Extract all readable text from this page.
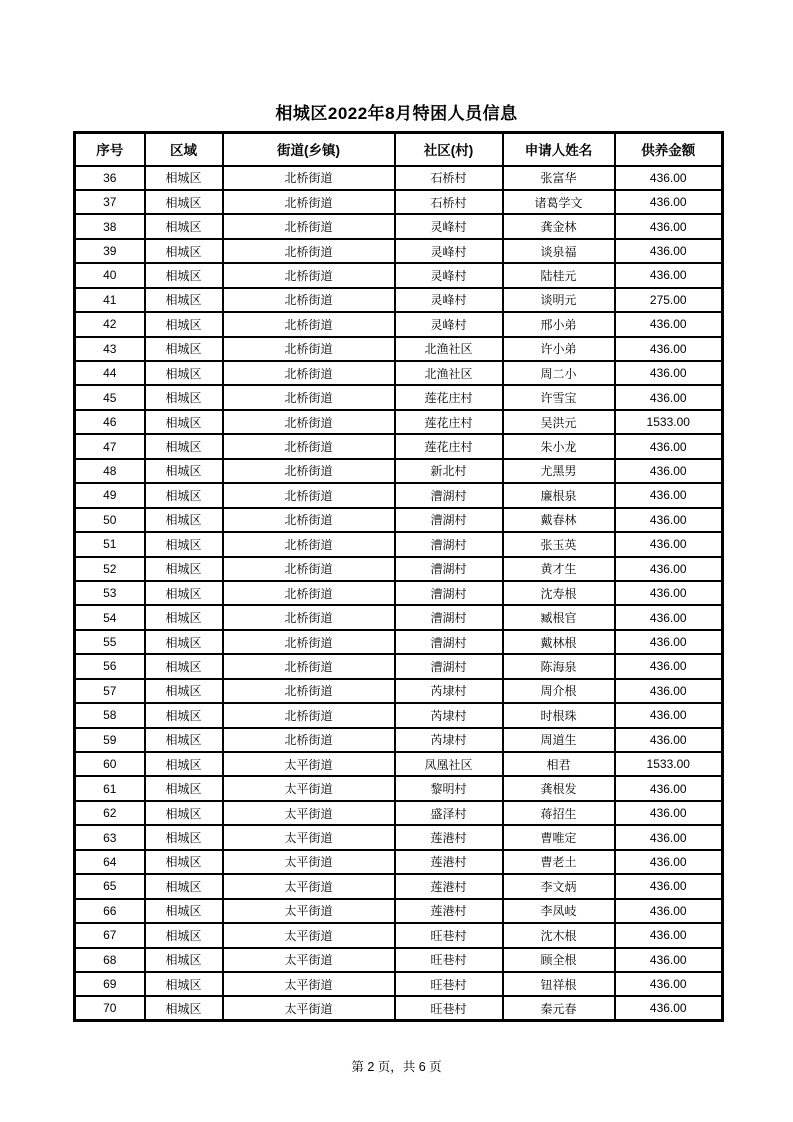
相城区2022年8月特困人员信息
序号	区域	街道(乡镇)	社区(村)	申请人姓名	供养金额
36	相城区	北桥街道	石桥村	张富华	436.00
37	相城区	北桥街道	石桥村	诸葛学文	436.00
38	相城区	北桥街道	灵峰村	龚金林	436.00
39	相城区	北桥街道	灵峰村	谈泉福	436.00
40	相城区	北桥街道	灵峰村	陆桂元	436.00
41	相城区	北桥街道	灵峰村	谈明元	275.00
42	相城区	北桥街道	灵峰村	邢小弟	436.00
43	相城区	北桥街道	北渔社区	许小弟	436.00
44	相城区	北桥街道	北渔社区	周二小	436.00
45	相城区	北桥街道	莲花庄村	许雪宝	436.00
46	相城区	北桥街道	莲花庄村	吴洪元	1533.00
47	相城区	北桥街道	莲花庄村	朱小龙	436.00
48	相城区	北桥街道	新北村	尤黑男	436.00
49	相城区	北桥街道	漕湖村	廉根泉	436.00
50	相城区	北桥街道	漕湖村	戴春林	436.00
51	相城区	北桥街道	漕湖村	张玉英	436.00
52	相城区	北桥街道	漕湖村	黄才生	436.00
53	相城区	北桥街道	漕湖村	沈寿根	436.00
54	相城区	北桥街道	漕湖村	臧根官	436.00
55	相城区	北桥街道	漕湖村	戴林根	436.00
56	相城区	北桥街道	漕湖村	陈海泉	436.00
57	相城区	北桥街道	芮埭村	周介根	436.00
58	相城区	北桥街道	芮埭村	时根珠	436.00
59	相城区	北桥街道	芮埭村	周道生	436.00
60	相城区	太平街道	凤凰社区	相君	1533.00
61	相城区	太平街道	黎明村	龚根发	436.00
62	相城区	太平街道	盛泽村	蒋招生	436.00
63	相城区	太平街道	莲港村	曹唯定	436.00
64	相城区	太平街道	莲港村	曹老土	436.00
65	相城区	太平街道	莲港村	李文炳	436.00
66	相城区	太平街道	莲港村	李凤岐	436.00
67	相城区	太平街道	旺巷村	沈木根	436.00
68	相城区	太平街道	旺巷村	顾全根	436.00
69	相城区	太平街道	旺巷村	钮祥根	436.00
70	相城区	太平街道	旺巷村	秦元春	436.00
第 2 页，共 6 页
